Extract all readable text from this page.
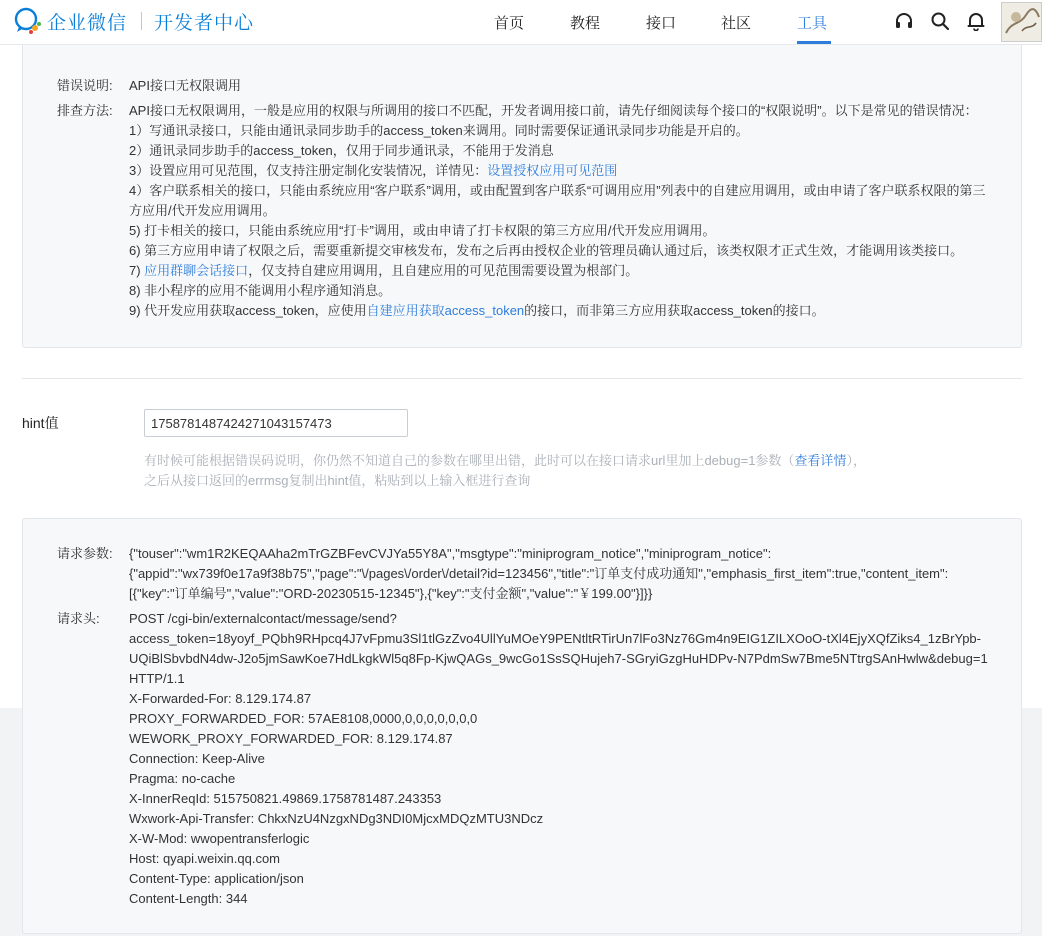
企业微信 开发者中心	首页	教程	接口	社区	工具
错误说明: API接口无权限调用
排查方法: API接口无权限调用，一般是应用的权限与所调用的接口不匹配，开发者调用接口前，请先仔细阅读每个接口的“权限说明”。以下是常见的错误情况：
1）写通讯录接口，只能由通讯录同步助手的access_token来调用。同时需要保证通讯录同步功能是开启的。
2）通讯录同步助手的access_token，仅用于同步通讯录，不能用于发消息
3）设置应用可见范围，仅支持注册定制化安装情况，详情见：设置授权应用可见范围
4）客户联系相关的接口，只能由系统应用“客户联系”调用，或由配置到客户联系“可调用应用”列表中的自建应用调用，或由申请了客户联系权限的第三
方应用/代开发应用调用。
5) 打卡相关的接口，只能由系统应用“打卡”调用，或由申请了打卡权限的第三方应用/代开发应用调用。
6) 第三方应用申请了权限之后，需要重新提交审核发布，发布之后再由授权企业的管理员确认通过后，该类权限才正式生效，才能调用该类接口。
7) 应用群聊会话接口，仅支持自建应用调用，且自建应用的可见范围需要设置为根部门。
8) 非小程序的应用不能调用小程序通知消息。
9) 代开发应用获取access_token，应使用自建应用获取access_token的接口，而非第三方应用获取access_token的接口。
hint值
1758781487424271043157473
有时候可能根据错误码说明，你仍然不知道自己的参数在哪里出错，此时可以在接口请求url里加上debug=1参数（查看详情），
之后从接口返回的errmsg复制出hint值，粘贴到以上输入框进行查询
请求参数: {"touser":"wm1R2KEQAAha2mTrGZBFevCVJYa55Y8A","msgtype":"miniprogram_notice","miniprogram_notice":
{"appid":"wx739f0e17a9f38b75","page":"\/pages\/order\/detail?id=123456","title":"订单支付成功通知","emphasis_first_item":true,"content_item":
[{"key":"订单编号","value":"ORD-20230515-12345"},{"key":"支付金额","value":"￥199.00"}]}}
请求头: POST /cgi-bin/externalcontact/message/send?
access_token=18yoyf_PQbh9RHpcq4J7vFpmu3Sl1tlGzZvo4UllYuMOeY9PENtltRTirUn7lFo3Nz76Gm4n9EIG1ZILXOoO-tXl4EjyXQfZiks4_1zBrYpb-
UQiBlSbvbdN4dw-J2o5jmSawKoe7HdLkgkWl5q8Fp-KjwQAGs_9wcGo1SsSQHujeh7-SGryiGzgHuHDPv-N7PdmSw7Bme5NTtrgSAnHwlw&debug=1
HTTP/1.1
X-Forwarded-For: 8.129.174.87
PROXY_FORWARDED_FOR: 57AE8108,0000,0,0,0,0,0,0,0
WEWORK_PROXY_FORWARDED_FOR: 8.129.174.87
Connection: Keep-Alive
Pragma: no-cache
X-InnerReqId: 515750821.49869.1758781487.243353
Wxwork-Api-Transfer: ChkxNzU4NzgxNDg3NDI0MjcxMDQzMTU3NDcz
X-W-Mod: wwopentransferlogic
Host: qyapi.weixin.qq.com
Content-Type: application/json
Content-Length: 344
